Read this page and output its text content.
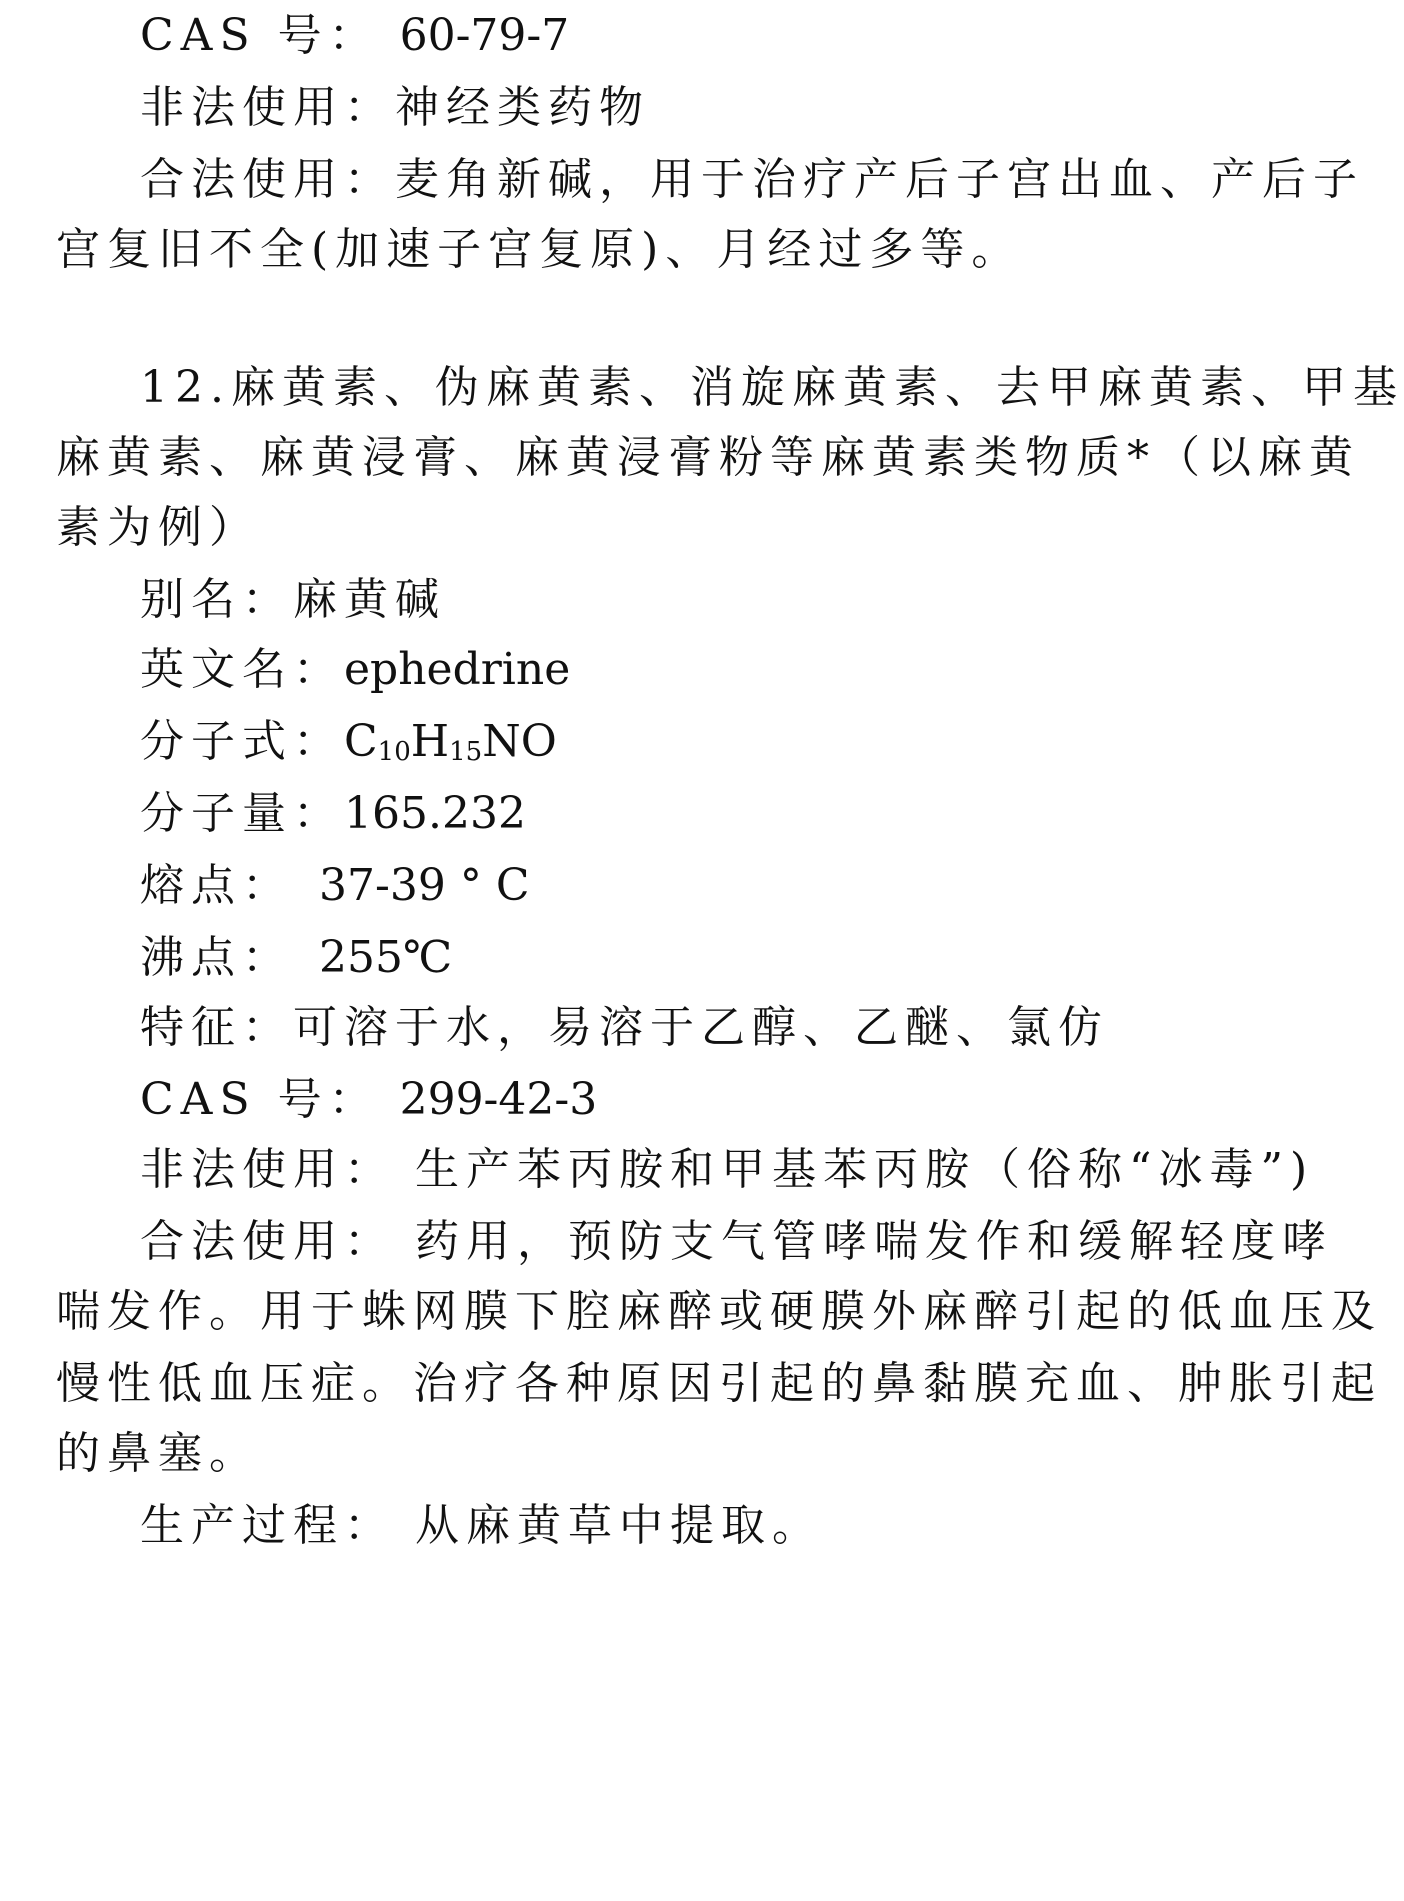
CAS 号： 60-79-7
非法使用：神经类药物
合法使用：麦角新碱，用于治疗产后子宫出血、产后子
宫复旧不全(加速子宫复原)、月经过多等。
12.麻黄素、伪麻黄素、消旋麻黄素、去甲麻黄素、甲基
麻黄素、麻黄浸膏、麻黄浸膏粉等麻黄素类物质*（以麻黄
素为例）
别名：麻黄碱
英文名：ephedrine
分子式：$C_{10}H_{15}NO$
分子量：165.232
熔点： 37-39 ° C
沸点： 255℃
特征：可溶于水，易溶于乙醇、乙醚、氯仿
CAS 号： 299-42-3
非法使用： 生产苯丙胺和甲基苯丙胺（俗称“冰毒”)
合法使用： 药用，预防支气管哮喘发作和缓解轻度哮
喘发作。用于蛛网膜下腔麻醉或硬膜外麻醉引起的低血压及
慢性低血压症。治疗各种原因引起的鼻黏膜充血、肿胀引起
的鼻塞。
生产过程： 从麻黄草中提取。
